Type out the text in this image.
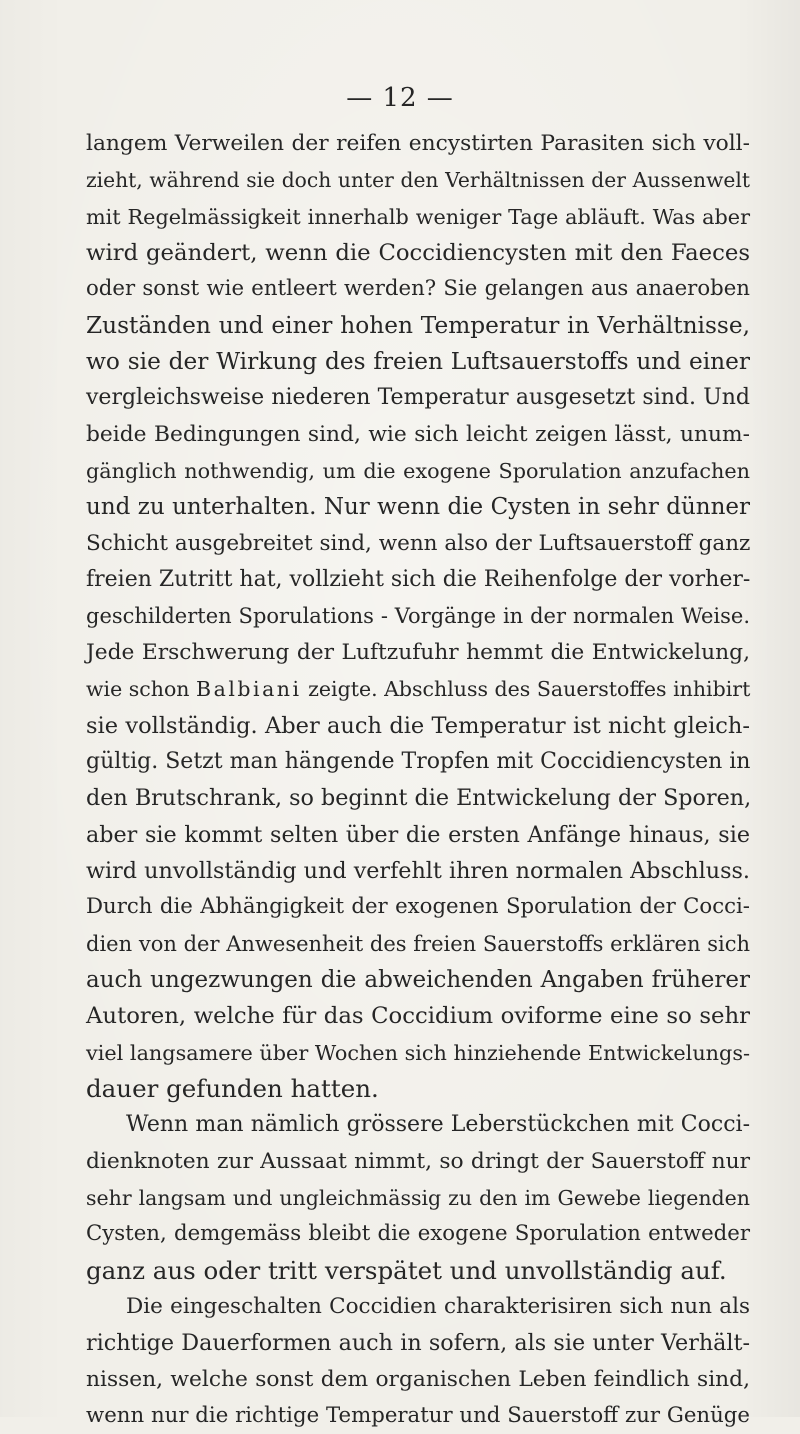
— 12 —
langem Verweilen der reifen encystirten Parasiten sich voll-
zieht, während sie doch unter den Verhältnissen der Aussenwelt
mit Regelmässigkeit innerhalb weniger Tage abläuft. Was aber
wird geändert, wenn die Coccidiencysten mit den Faeces
oder sonst wie entleert werden? Sie gelangen aus anaeroben
Zuständen und einer hohen Temperatur in Verhältnisse,
wo sie der Wirkung des freien Luftsauerstoffs und einer
vergleichsweise niederen Temperatur ausgesetzt sind. Und
beide Bedingungen sind, wie sich leicht zeigen lässt, unum-
gänglich nothwendig, um die exogene Sporulation anzufachen
und zu unterhalten. Nur wenn die Cysten in sehr dünner
Schicht ausgebreitet sind, wenn also der Luftsauerstoff ganz
freien Zutritt hat, vollzieht sich die Reihenfolge der vorher-
geschilderten Sporulations - Vorgänge in der normalen Weise.
Jede Erschwerung der Luftzufuhr hemmt die Entwickelung,
wie schon Balbiani zeigte. Abschluss des Sauerstoffes inhibirt
sie vollständig. Aber auch die Temperatur ist nicht gleich-
gültig. Setzt man hängende Tropfen mit Coccidiencysten in
den Brutschrank, so beginnt die Entwickelung der Sporen,
aber sie kommt selten über die ersten Anfänge hinaus, sie
wird unvollständig und verfehlt ihren normalen Abschluss.
Durch die Abhängigkeit der exogenen Sporulation der Cocci-
dien von der Anwesenheit des freien Sauerstoffs erklären sich
auch ungezwungen die abweichenden Angaben früherer
Autoren, welche für das Coccidium oviforme eine so sehr
viel langsamere über Wochen sich hinziehende Entwickelungs-
dauer gefunden hatten.
Wenn man nämlich grössere Leberstückchen mit Cocci-
dienknoten zur Aussaat nimmt, so dringt der Sauerstoff nur
sehr langsam und ungleichmässig zu den im Gewebe liegenden
Cysten, demgemäss bleibt die exogene Sporulation entweder
ganz aus oder tritt verspätet und unvollständig auf.
Die eingeschalten Coccidien charakterisiren sich nun als
richtige Dauerformen auch in sofern, als sie unter Verhält-
nissen, welche sonst dem organischen Leben feindlich sind,
wenn nur die richtige Temperatur und Sauerstoff zur Genüge
